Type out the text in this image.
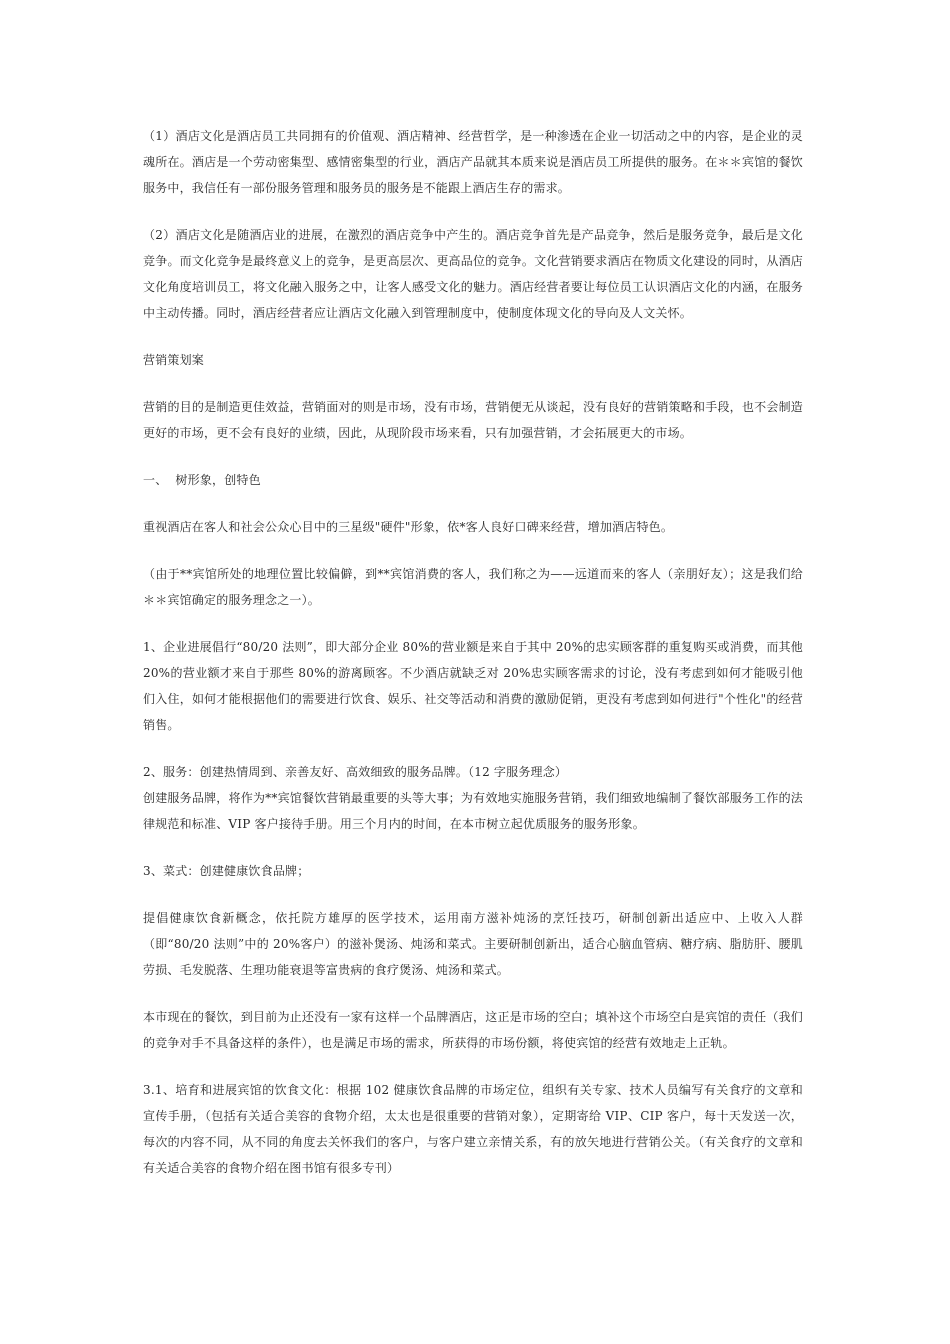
（1）酒店文化是酒店员工共同拥有的价值观、酒店精神、经营哲学，是一种渗透在企业一切活动之中的内容，是企业的灵魂所在。酒店是一个劳动密集型、感情密集型的行业，酒店产品就其本质来说是酒店员工所提供的服务。在＊＊宾馆的餐饮服务中，我信任有一部份服务管理和服务员的服务是不能跟上酒店生存的需求。

（2）酒店文化是随酒店业的进展，在激烈的酒店竞争中产生的。酒店竞争首先是产品竞争，然后是服务竞争，最后是文化竞争。而文化竞争是最终意义上的竞争，是更高层次、更高品位的竞争。文化营销要求酒店在物质文化建设的同时，从酒店文化角度培训员工，将文化融入服务之中，让客人感受文化的魅力。酒店经营者要让每位员工认识酒店文化的内涵，在服务中主动传播。同时，酒店经营者应让酒店文化融入到管理制度中，使制度体现文化的导向及人文关怀。

营销策划案

营销的目的是制造更佳效益，营销面对的则是市场，没有市场，营销便无从谈起，没有良好的营销策略和手段，也不会制造更好的市场，更不会有良好的业绩，因此，从现阶段市场来看，只有加强营销，才会拓展更大的市场。

一、  树形象，创特色

重视酒店在客人和社会公众心目中的三星级"硬件"形象，依*客人良好口碑来经营，增加酒店特色。

（由于**宾馆所处的地理位置比较偏僻，到**宾馆消费的客人，我们称之为——远道而来的客人（亲朋好友）；这是我们给＊＊宾馆确定的服务理念之一）。

1、企业进展倡行“80/20 法则”，即大部分企业 80%的营业额是来自于其中 20%的忠实顾客群的重复购买或消费，而其他 20%的营业额才来自于那些 80%的游离顾客。不少酒店就缺乏对 20%忠实顾客需求的讨论，没有考虑到如何才能吸引他们入住，如何才能根据他们的需要进行饮食、娱乐、社交等活动和消费的激励促销，更没有考虑到如何进行"个性化"的经营销售。

2、服务：创建热情周到、亲善友好、高效细致的服务品牌。（12 字服务理念）

创建服务品牌，将作为**宾馆餐饮营销最重要的头等大事；为有效地实施服务营销，我们细致地编制了餐饮部服务工作的法律规范和标准、VIP 客户接待手册。用三个月内的时间，在本市树立起优质服务的服务形象。

3、菜式：创建健康饮食品牌；

提倡健康饮食新概念，依托院方雄厚的医学技术，运用南方滋补炖汤的烹饪技巧，研制创新出适应中、上收入人群（即“80/20 法则”中的 20%客户）的滋补煲汤、炖汤和菜式。主要研制创新出，适合心脑血管病、糖疗病、脂肪肝、腰肌劳损、毛发脱落、生理功能衰退等富贵病的食疗煲汤、炖汤和菜式。

本市现在的餐饮，到目前为止还没有一家有这样一个品牌酒店，这正是市场的空白；填补这个市场空白是宾馆的责任（我们的竞争对手不具备这样的条件），也是满足市场的需求，所获得的市场份额，将使宾馆的经营有效地走上正轨。

3.1、培育和进展宾馆的饮食文化：根据 102 健康饮食品牌的市场定位，组织有关专家、技术人员编写有关食疗的文章和宣传手册，（包括有关适合美容的食物介绍，太太也是很重要的营销对象），定期寄给 VIP、CIP 客户，每十天发送一次，每次的内容不同，从不同的角度去关怀我们的客户，与客户建立亲情关系，有的放矢地进行营销公关。（有关食疗的文章和有关适合美容的食物介绍在图书馆有很多专刊）
